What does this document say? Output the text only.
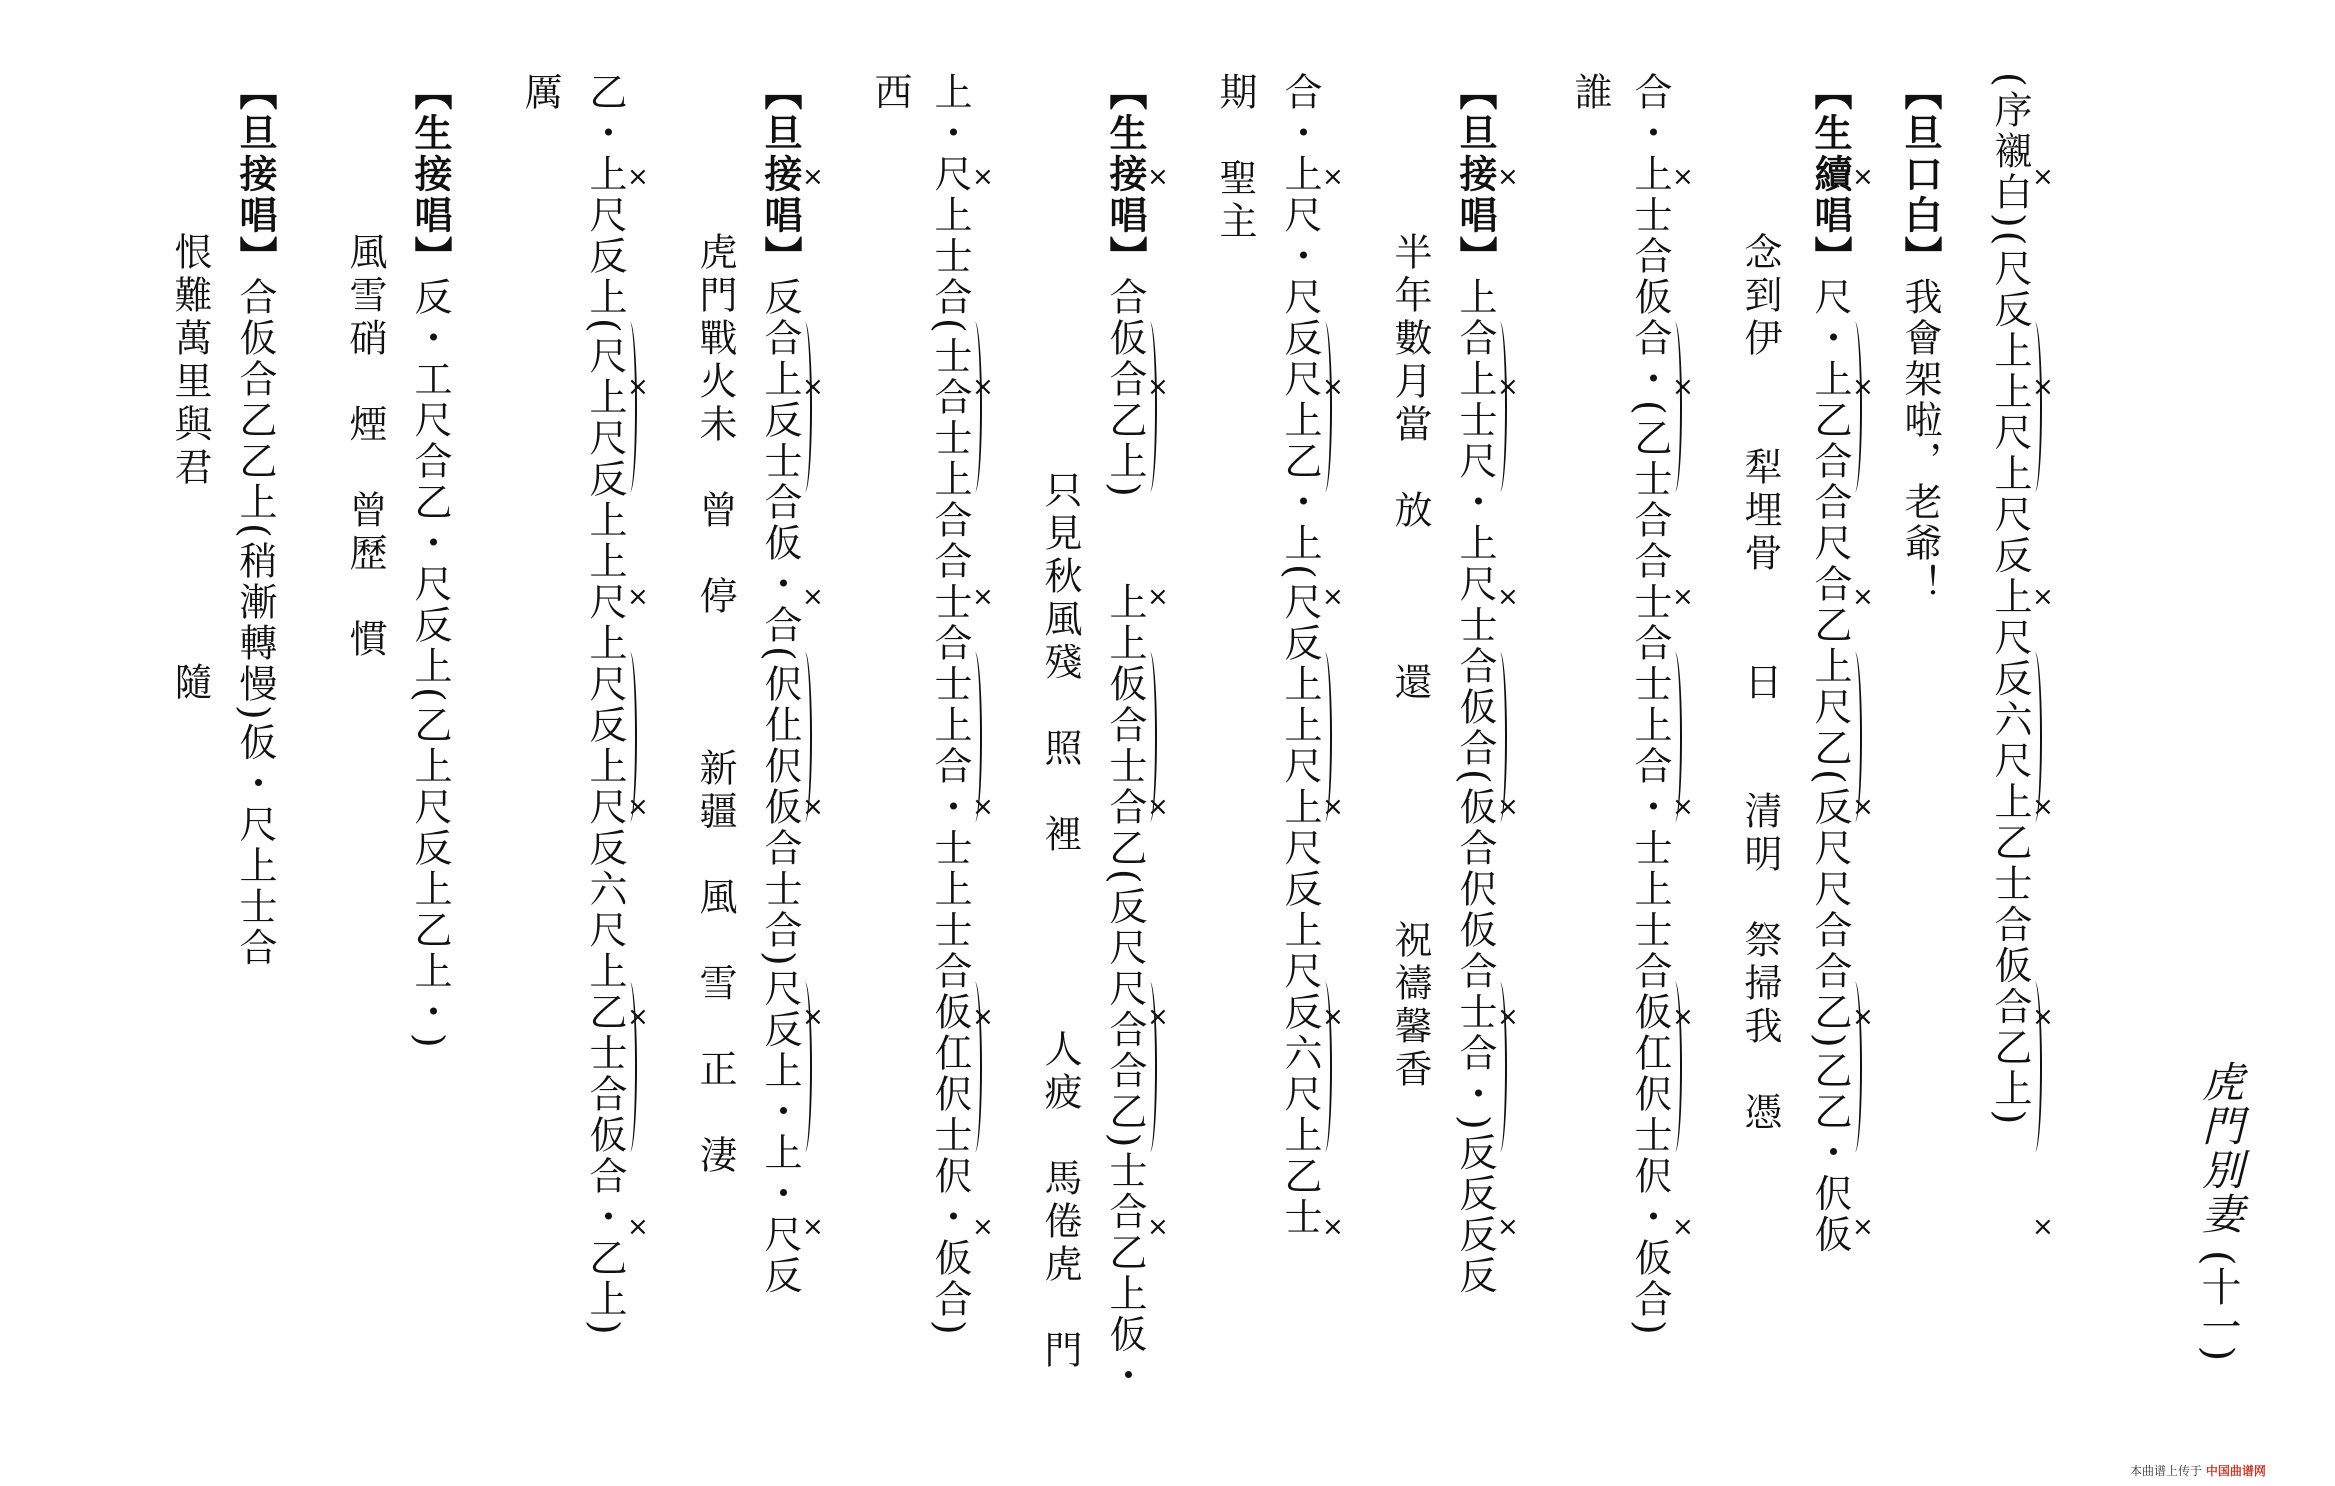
虎門別妻
(十一)
(序襯白)(尺反上上尺上尺反上尺反六尺上乙士合仮合乙上) ×
×
×
×
×
×
【旦口白】我會架啦，老爺！
【生續唱】尺・上乙合合尺合乙上尺乙(反尺尺合合乙)乙乙・伬仮
×
×
×
×
×
×
念到伊　　犁埋骨　　日　　清明　祭掃我　憑
合・上士合仮合・(乙士合合士合士上合・士上士合仮仜伬士伬・仮合) ×
×
×
×
×
×
誰
【旦接唱】上合上士尺・上尺士合仮合(仮合伬仮合士合・)反反反反
×
×
×
×
×
×
半年數月當　放　　　還　　　　　祝禱馨香
合・上尺・尺反尺上乙・上(尺反上上尺上尺反上尺反六尺上乙士 ×
×
×
×
×
×
期　聖主
【生接唱】合仮合乙上)　　上上仮合士合乙(反尺尺合合乙)士合乙上仮・
×
×
×
×
×
×
只見秋風殘　照　裡　　　　人疲　馬倦虎　門
上・尺上士合(士合士上合合士合士上合・士上士合仮仜伬士伬・仮合) ×
×
×
×
×
×
西
【旦接唱】反合上反士合仮・合(伬仩伬仮合士合)尺反上・上・尺反
×
×
×
×
×
×
虎門戰火未　曾　停　　　新疆　風　雪　正　淒
乙・上尺反上(尺上尺反上上尺上尺反上尺反六尺上乙士合仮合・乙上) ×
×
×
×
×
×
厲
【生接唱】反・工尺合乙・尺反上(乙上尺反上乙上・)
風雪硝　煙　曾歷　慣
【旦接唱】合仮合乙乙上(稍漸轉慢)仮・尺上士合
恨難萬里與君　　　　隨
本曲谱上传于 中国曲谱网
